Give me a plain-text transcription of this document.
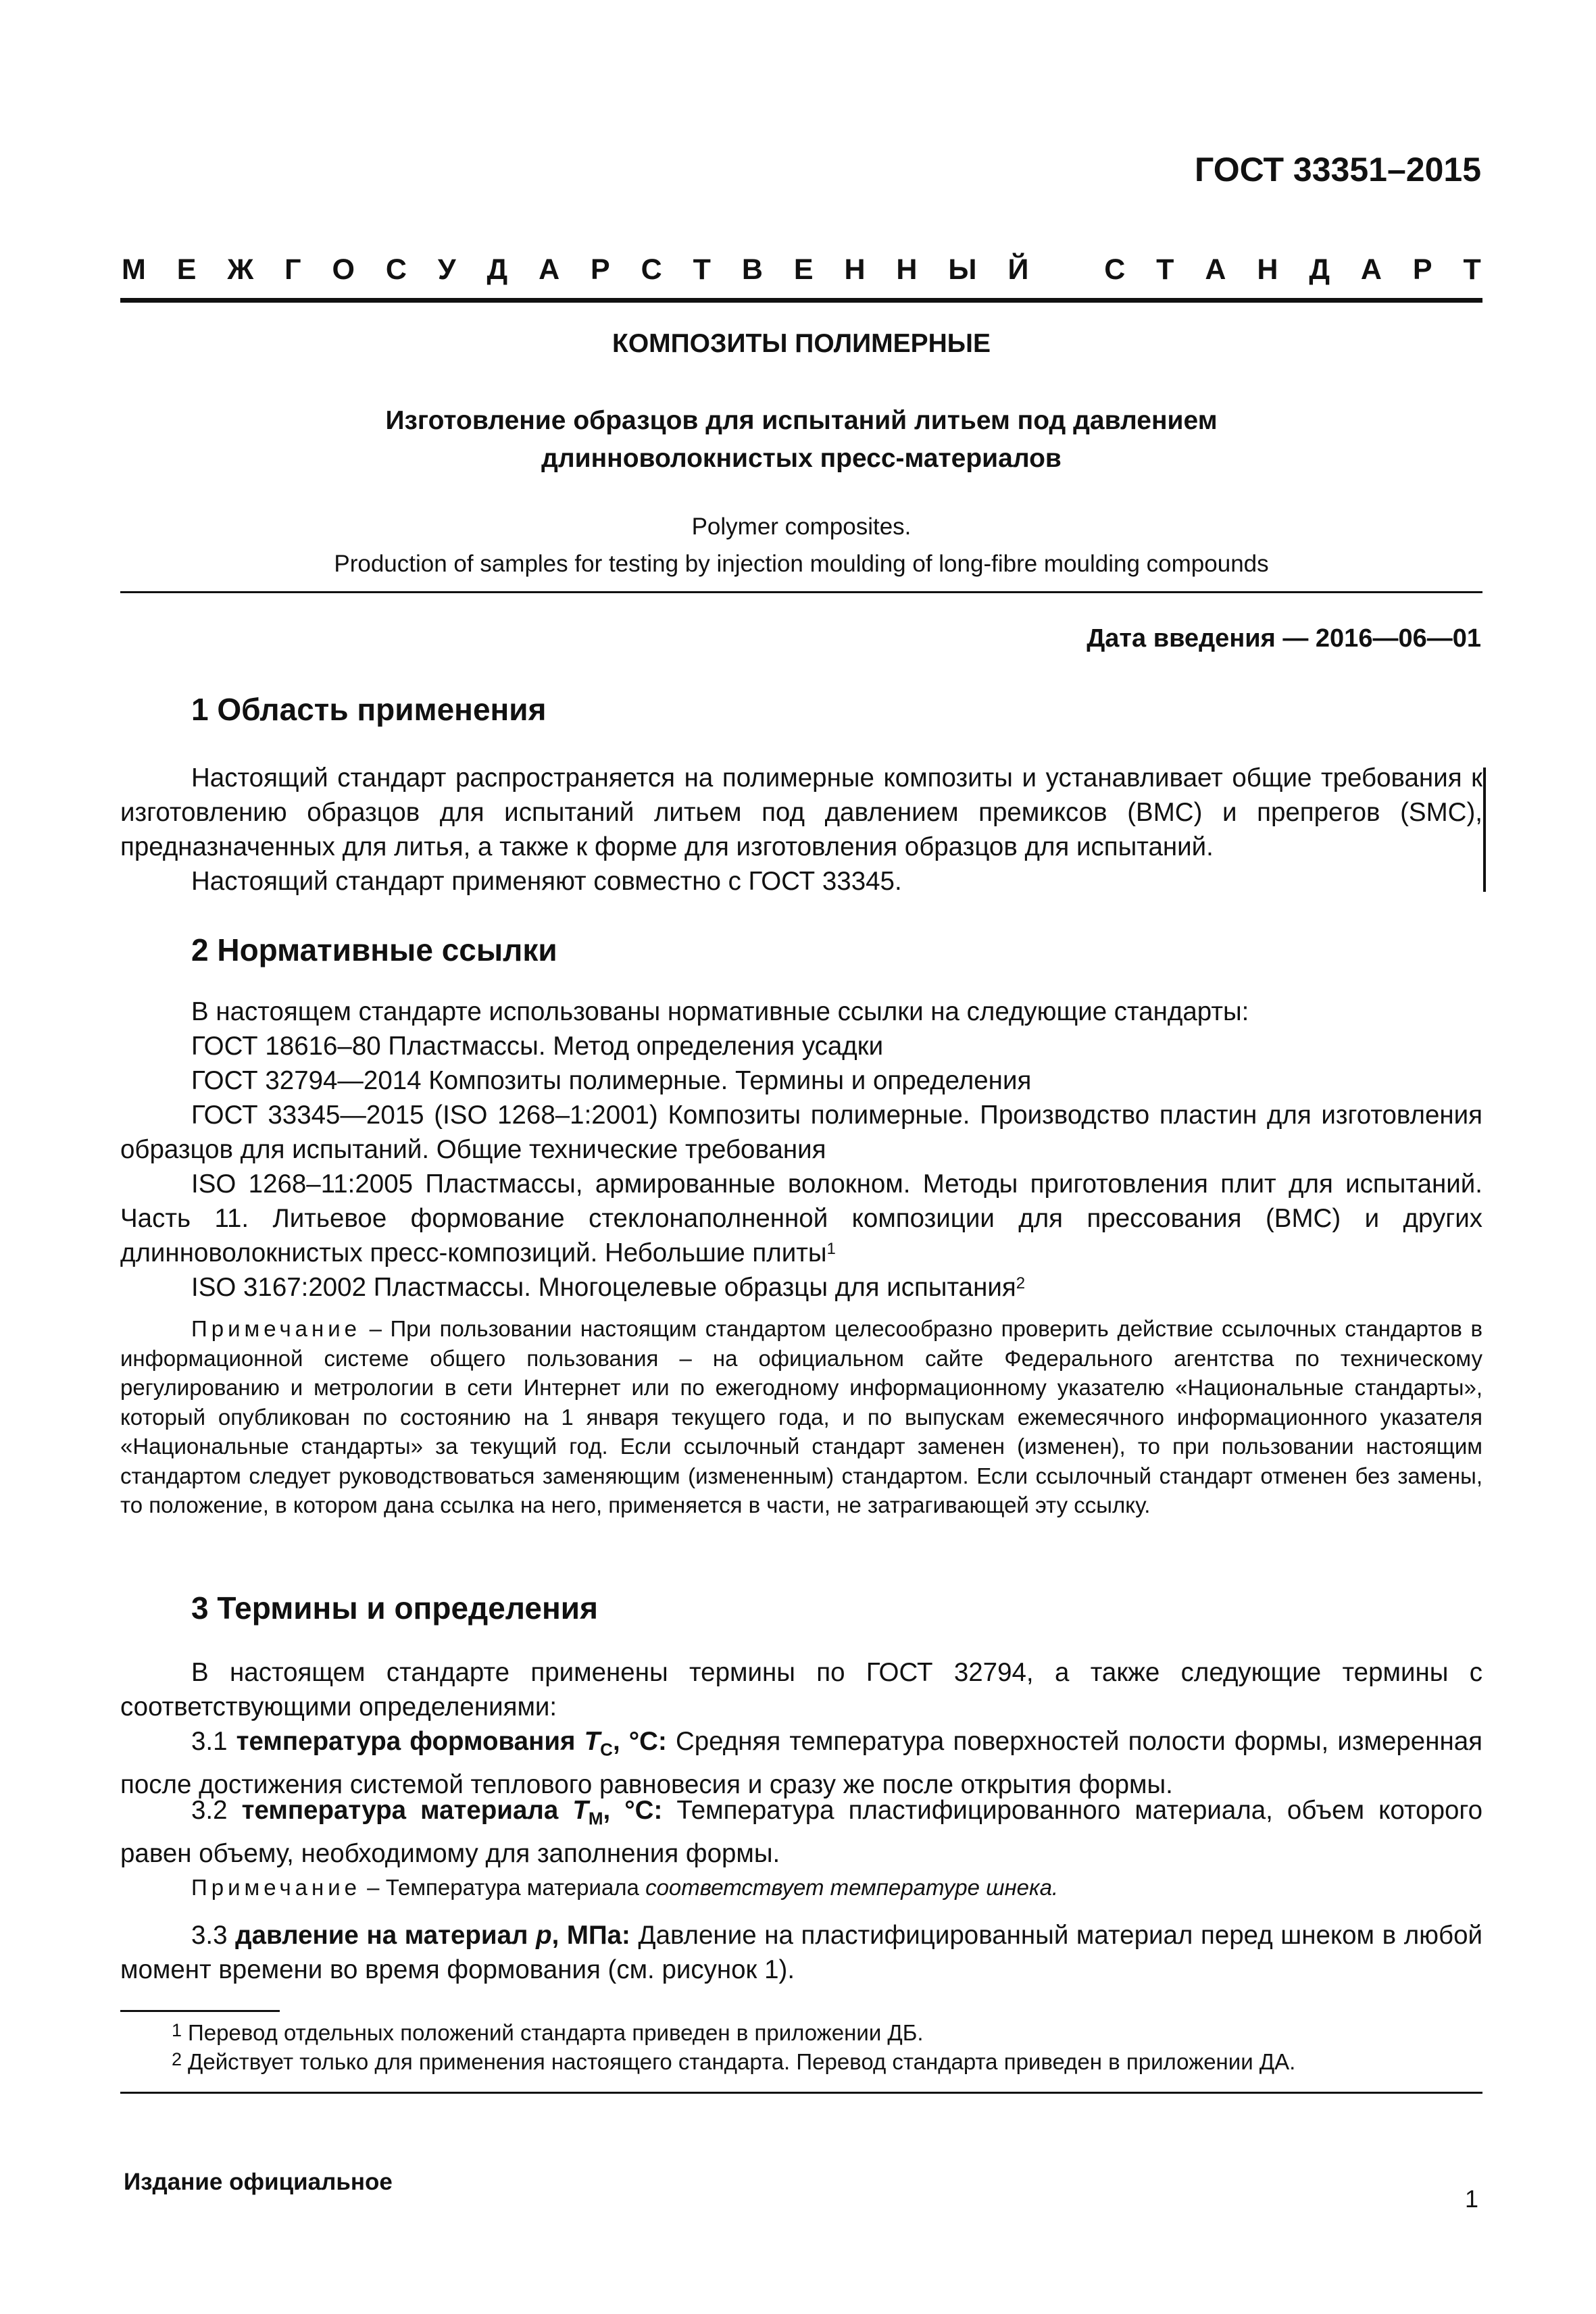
ГОСТ 33351–2015
М Е Ж Г О С У Д А Р С Т В Е Н Н Ы Й	С Т А Н Д А Р Т
КОМПОЗИТЫ ПОЛИМЕРНЫЕ
Изготовление образцов для испытаний литьем под давлением
длинноволокнистых пресс-материалов
Polymer composites.
Production of samples for testing by injection moulding of long-fibre moulding compounds
Дата введения — 2016—06—01
1 Область применения

Настоящий стандарт распространяется на полимерные композиты и устанавливает общие требования к изготовлению образцов для испытаний литьем под давлением премиксов (ВМС) и препрегов (SMC), предназначенных для литья, а также к форме для изготовления образцов для испытаний.

Настоящий стандарт применяют совместно с ГОСТ 33345.
2 Нормативные ссылки
В настоящем стандарте использованы нормативные ссылки на следующие стандарты:
ГОСТ 18616–80 Пластмассы. Метод определения усадки
ГОСТ 32794—2014 Композиты полимерные. Термины и определения

ГОСТ 33345—2015 (ISO 1268–1:2001) Композиты полимерные. Производство пластин для изготовления образцов для испытаний. Общие технические требования

ISO 1268–11:2005 Пластмассы, армированные волокном. Методы приготовления плит для испытаний. Часть 11. Литьевое формование стеклонаполненной композиции для прессования (ВМС) и других длинноволокнистых пресс-композиций. Небольшие плиты$^1$

ISO 3167:2002 Пластмассы. Многоцелевые образцы для испытания$^2$

Примечание – При пользовании настоящим стандартом целесообразно проверить действие ссылочных стандартов в информационной системе общего пользования – на официальном сайте Федерального агентства по техническому регулированию и метрологии в сети Интернет или по ежегодному информационному указателю «Национальные стандарты», который опубликован по состоянию на 1 января текущего года, и по выпускам ежемесячного информационного указателя «Национальные стандарты» за текущий год. Если ссылочный стандарт заменен (изменен), то при пользовании настоящим стандартом следует руководствоваться заменяющим (измененным) стандартом. Если ссылочный стандарт отменен без замены, то положение, в котором дана ссылка на него, применяется в части, не затрагивающей эту ссылку.

3 Термины и определения

В настоящем стандарте применены термины по ГОСТ 32794, а также следующие термины с соответствующими определениями:

3.1 температура формования $T_C$, °C: Средняя температура поверхностей полости формы, измеренная после достижения системой теплового равновесия и сразу же после открытия формы.

3.2 температура материала $T_M$, °C: Температура пластифицированного материала, объем которого равен объему, необходимому для заполнения формы.

Примечание – Температура материала соответствует температуре шнека.

3.3 давление на материал p, МПа: Давление на пластифицированный материал перед шнеком в любой момент времени во время формования (см. рисунок 1).

1 Перевод отдельных положений стандарта приведен в приложении ДБ.
2 Действует только для применения настоящего стандарта. Перевод стандарта приведен в приложении ДА.
Издание официальное
1
